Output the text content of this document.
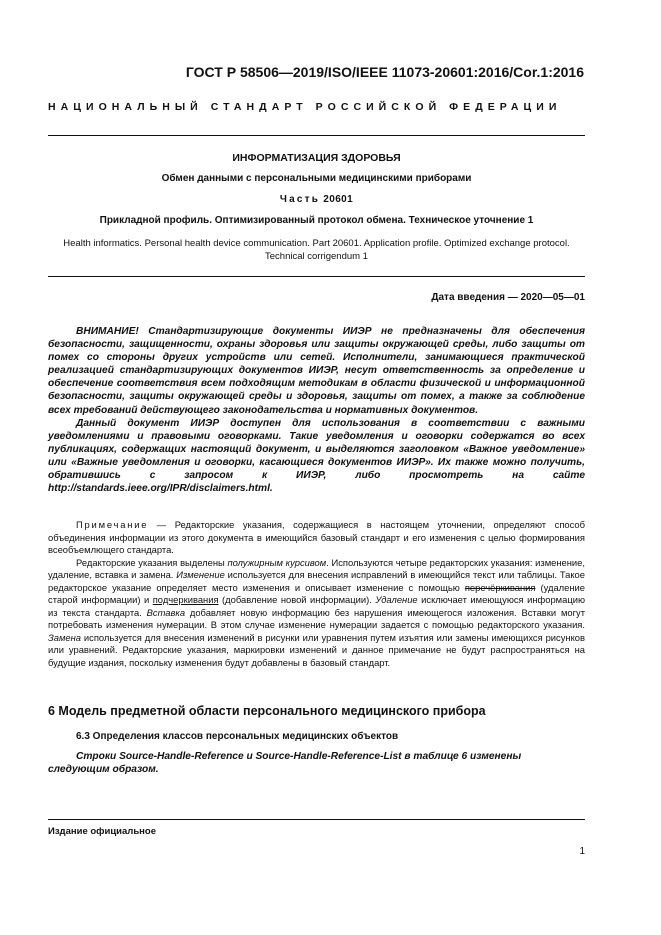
ГОСТ Р 58506—2019/ISO/IEEE 11073-20601:2016/Cor.1:2016
НАЦИОНАЛЬНЫЙ СТАНДАРТ РОССИЙСКОЙ ФЕДЕРАЦИИ
ИНФОРМАТИЗАЦИЯ ЗДОРОВЬЯ
Обмен данными с персональными медицинскими приборами
Часть 20601
Прикладной профиль. Оптимизированный протокол обмена. Техническое уточнение 1
Health informatics. Personal health device communication. Part 20601. Application profile. Optimized exchange protocol.
Technical corrigendum 1
Дата введения — 2020—05—01

ВНИМАНИЕ! Стандартизирующие документы ИИЭР не предназначены для обеспечения безопасности, защищенности, охраны здоровья или защиты окружающей среды, либо защиты от помех со стороны других устройств или сетей. Исполнители, занимающиеся практической реализацией стандартизирующих документов ИИЭР, несут ответственность за определение и обеспечение соответствия всем подходящим методикам в области физической и информационной безопасности, защиты окружающей среды и здоровья, защиты от помех, а также за соблюдение всех требований действующего законодательства и нормативных документов.

Данный документ ИИЭР доступен для использования в соответствии с важными уведомлениями и правовыми оговорками. Такие уведомления и оговорки содержатся во всех публикациях, содержащих настоящий документ, и выделяются заголовком «Важное уведомление» или «Важные уведомления и оговорки, касающиеся документов ИИЭР». Их также можно получить, обратившись с запросом к ИИЭР, либо просмотреть на сайте http://standards.ieee.org/IPR/disclaimers.html.

Примечание — Редакторские указания, содержащиеся в настоящем уточнении, определяют способ объединения информации из этого документа в имеющийся базовый стандарт и его изменения с целью формирования всеобъемлющего стандарта.

Редакторские указания выделены полужирным курсивом. Используются четыре редакторских указания: изменение, удаление, вставка и замена. Изменение используется для внесения исправлений в имеющийся текст или таблицы. Такое редакторское указание определяет место изменения и описывает изменение с помощью перечёркивания (удаление старой информации) и подчеркивания (добавление новой информации). Удаление исключает имеющуюся информацию из текста стандарта. Вставка добавляет новую информацию без нарушения имеющегося изложения. Вставки могут потребовать изменения нумерации. В этом случае изменение нумерации задается с помощью редакторского указания. Замена используется для внесения изменений в рисунки или уравнения путем изъятия или замены имеющихся рисунков или уравнений. Редакторские указания, маркировки изменений и данное примечание не будут распространяться на будущие издания, поскольку изменения будут добавлены в базовый стандарт.

6 Модель предметной области персонального медицинского прибора
6.3 Определения классов персональных медицинских объектов

Строки Source-Handle-Reference и Source-Handle-Reference-List в таблице 6 изменены следующим образом.

Издание официальное
1
